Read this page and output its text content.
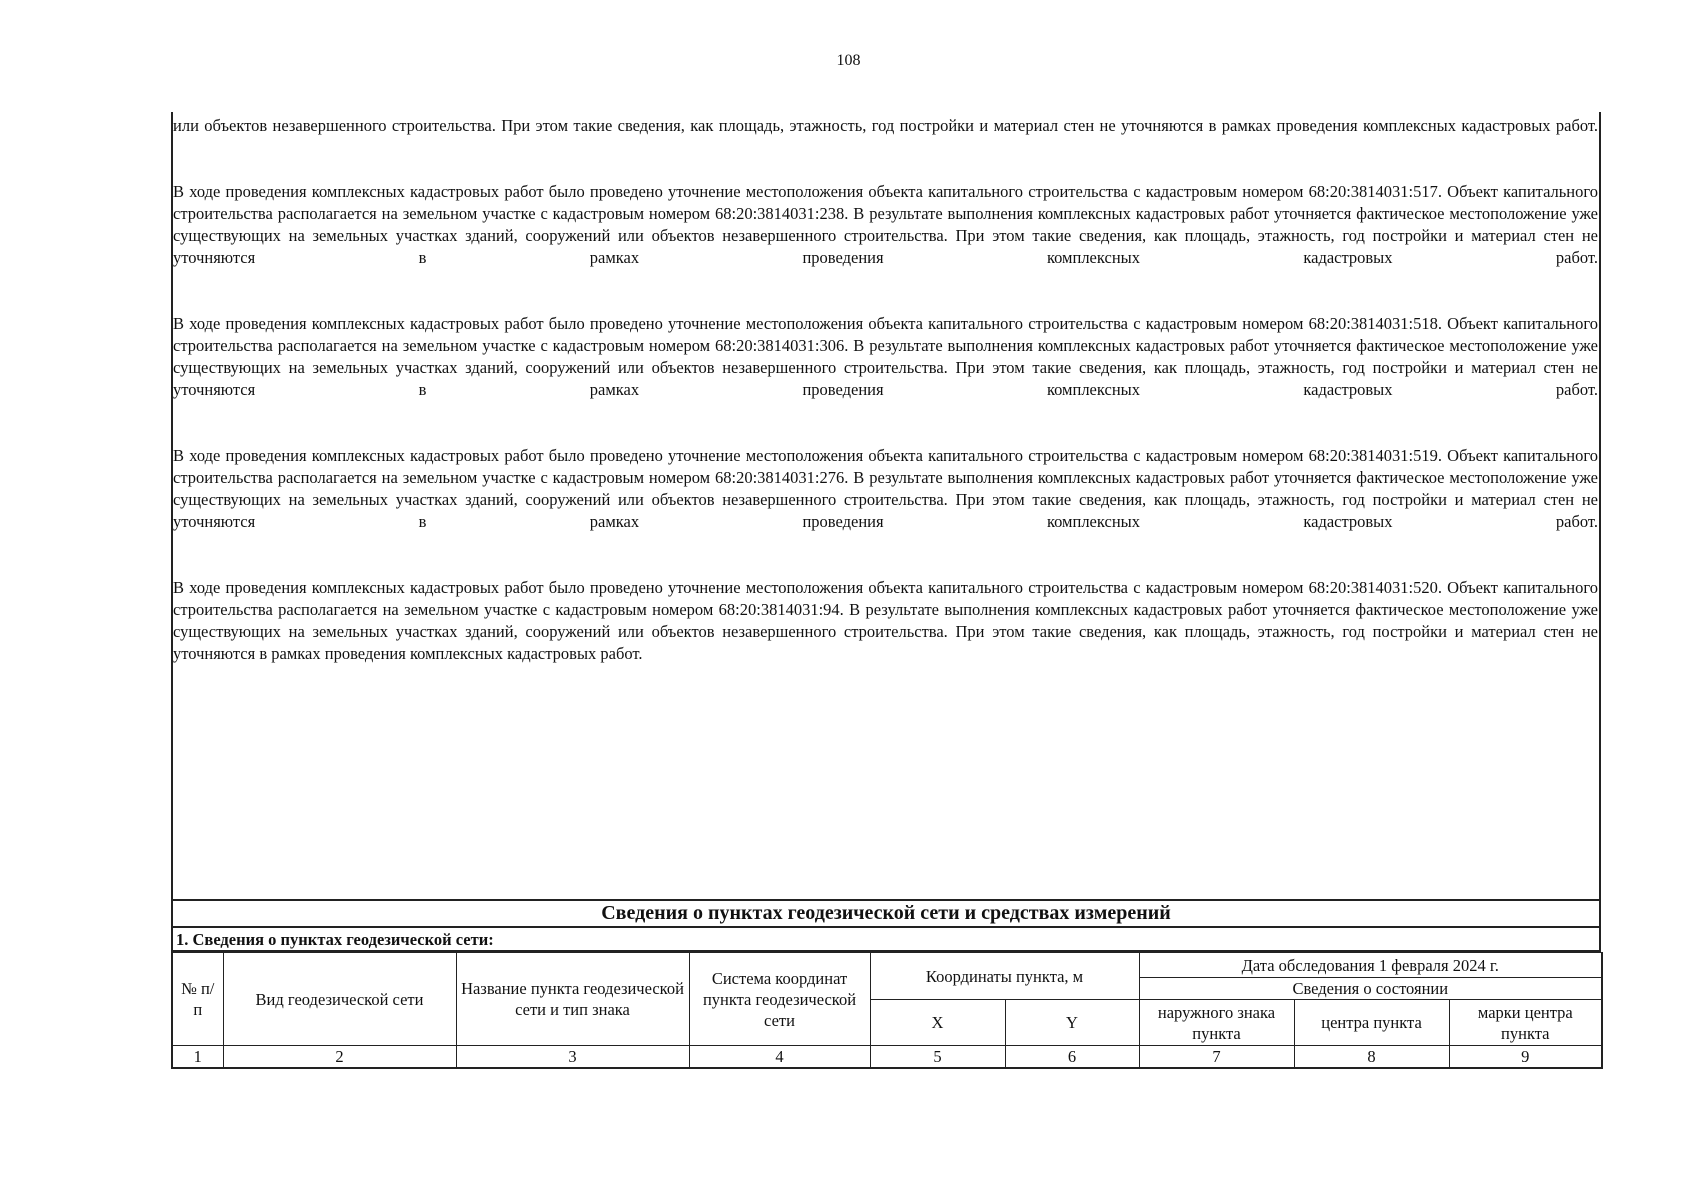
108

или объектов незавершенного строительства. При этом такие сведения, как площадь, этажность, год постройки и материал стен не уточняются в рамках проведения комплексных кадастровых работ.

В ходе проведения комплексных кадастровых работ было проведено уточнение местоположения объекта капитального строительства с кадастровым номером 68:20:3814031:517. Объект капитального строительства располагается на земельном участке с кадастровым номером 68:20:3814031:238. В результате выполнения комплексных кадастровых работ уточняется фактическое местоположение уже существующих на земельных участках зданий, сооружений или объектов незавершенного строительства. При этом такие сведения, как площадь, этажность, год постройки и материал стен не уточняются в рамках проведения комплексных кадастровых работ.

В ходе проведения комплексных кадастровых работ было проведено уточнение местоположения объекта капитального строительства с кадастровым номером 68:20:3814031:518. Объект капитального строительства располагается на земельном участке с кадастровым номером 68:20:3814031:306. В результате выполнения комплексных кадастровых работ уточняется фактическое местоположение уже существующих на земельных участках зданий, сооружений или объектов незавершенного строительства. При этом такие сведения, как площадь, этажность, год постройки и материал стен не уточняются в рамках проведения комплексных кадастровых работ.

В ходе проведения комплексных кадастровых работ было проведено уточнение местоположения объекта капитального строительства с кадастровым номером 68:20:3814031:519. Объект капитального строительства располагается на земельном участке с кадастровым номером 68:20:3814031:276. В результате выполнения комплексных кадастровых работ уточняется фактическое местоположение уже существующих на земельных участках зданий, сооружений или объектов незавершенного строительства. При этом такие сведения, как площадь, этажность, год постройки и материал стен не уточняются в рамках проведения комплексных кадастровых работ.

В ходе проведения комплексных кадастровых работ было проведено уточнение местоположения объекта капитального строительства с кадастровым номером 68:20:3814031:520. Объект капитального строительства располагается на земельном участке с кадастровым номером 68:20:3814031:94. В результате выполнения комплексных кадастровых работ уточняется фактическое местоположение уже существующих на земельных участках зданий, сооружений или объектов незавершенного строительства. При этом такие сведения, как площадь, этажность, год постройки и материал стен не уточняются в рамках проведения комплексных кадастровых работ.

Сведения о пунктах геодезической сети и средствах измерений
1. Сведения о пунктах геодезической сети:
№ п/п	Вид геодезической сети	Название пункта геодезической сети и тип знака	Система координат пункта геодезической сети	Координаты пункта, м		Дата обследования 1 февраля 2024 г.		
						Сведения о состоянии		
				X	Y	наружного знака пункта	центра пункта	марки центра пункта
1	2	3	4	5	6	7	8	9
